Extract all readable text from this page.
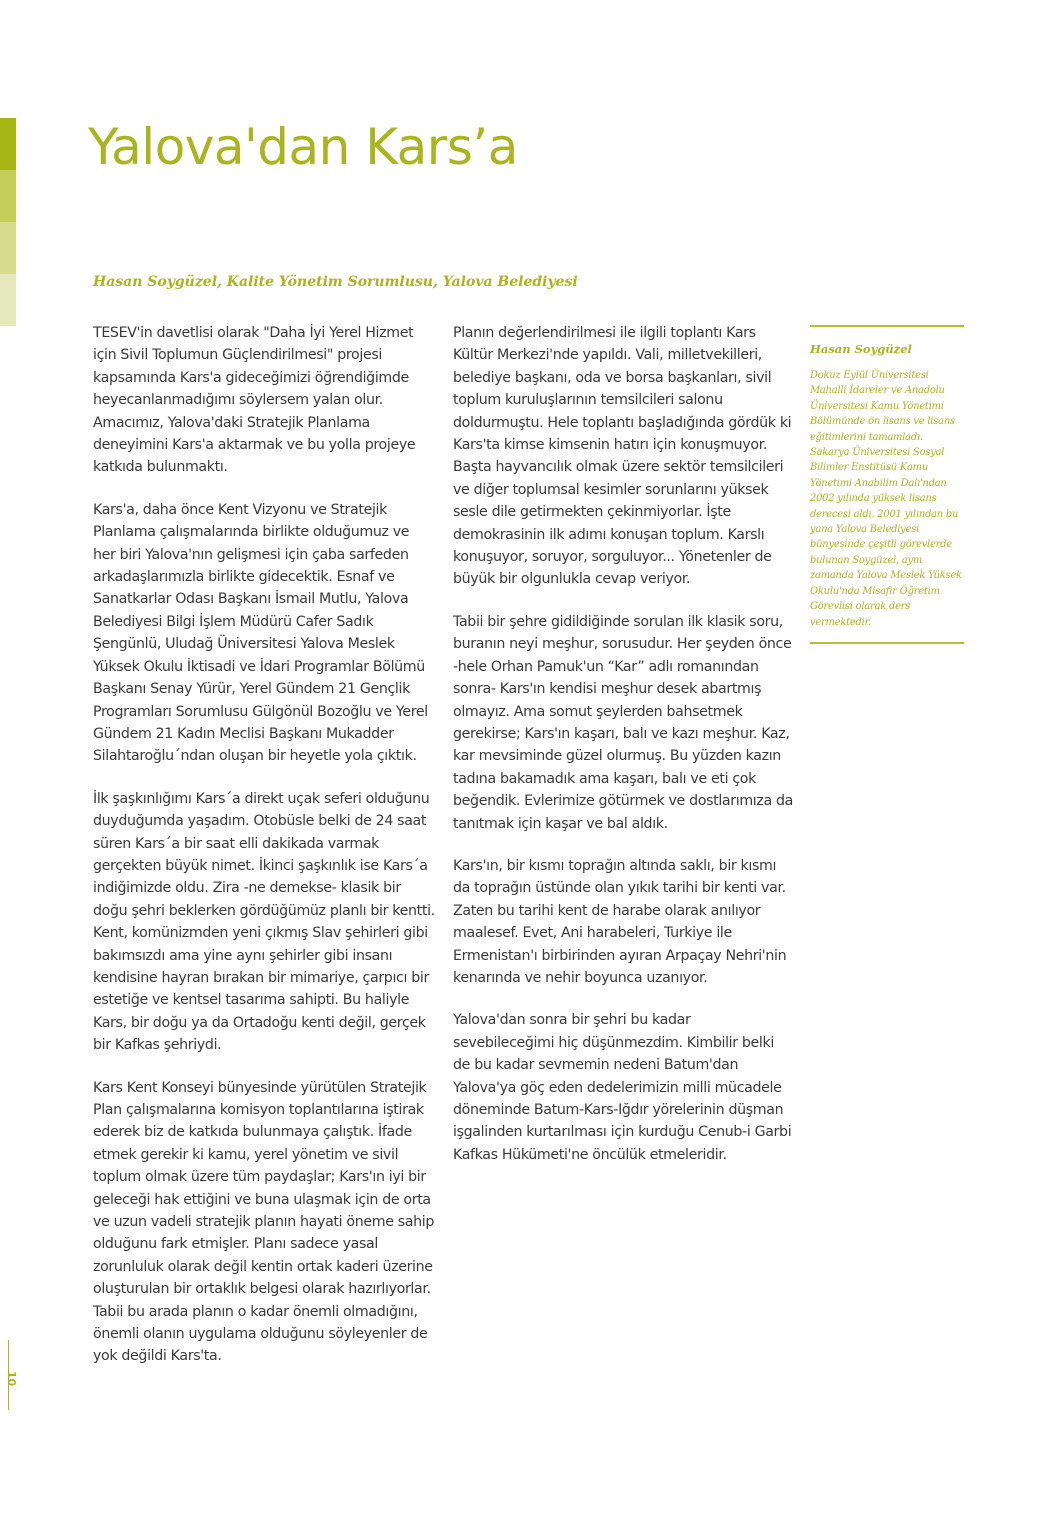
Yalova'dan Kars’a

Hasan Soygüzel, Kalite Yönetim Sorumlusu, Yalova Belediyesi

TESEV'in davetlisi olarak "Daha İyi Yerel Hizmet için Sivil Toplumun Güçlendirilmesi" projesi kapsamında Kars'a gideceğimizi öğrendiğimde heyecanlanmadığımı söylersem yalan olur. Amacımız, Yalova'daki Stratejik Planlama deneyimini Kars'a aktarmak ve bu yolla projeye katkıda bulunmaktı.

Kars'a, daha önce Kent Vizyonu ve Stratejik Planlama çalışmalarında birlikte olduğumuz ve her biri Yalova'nın gelişmesi için çaba sarfeden arkadaşlarımızla birlikte gidecektik. Esnaf ve Sanatkarlar Odası Başkanı İsmail Mutlu, Yalova Belediyesi Bilgi İşlem Müdürü Cafer Sadık Şengünlü, Uludağ Üniversitesi Yalova Meslek Yüksek Okulu İktisadi ve İdari Programlar Bölümü Başkanı Senay Yürür, Yerel Gündem 21 Gençlik Programları Sorumlusu Gülgönül Bozoğlu ve Yerel Gündem 21 Kadın Meclisi Başkanı Mukadder Silahtaroğlu´ndan oluşan bir heyetle yola çıktık.

İlk şaşkınlığımı Kars´a direkt uçak seferi olduğunu duyduğumda yaşadım. Otobüsle belki de 24 saat süren Kars´a bir saat elli dakikada varmak gerçekten büyük nimet. İkinci şaşkınlık ise Kars´a indiğimizde oldu. Zira -ne demekse- klasik bir doğu şehri beklerken gördüğümüz planlı bir kentti. Kent, komünizmden yeni çıkmış Slav şehirleri gibi bakımsızdı ama yine aynı şehirler gibi insanı kendisine hayran bırakan bir mimariye, çarpıcı bir estetiğe ve kentsel tasarıma sahipti. Bu haliyle Kars, bir doğu ya da Ortadoğu kenti değil, gerçek bir Kafkas şehriydi.

Kars Kent Konseyi bünyesinde yürütülen Stratejik Plan çalışmalarına komisyon toplantılarına iştirak ederek biz de katkıda bulunmaya çalıştık. İfade etmek gerekir ki kamu, yerel yönetim ve sivil toplum olmak üzere tüm paydaşlar; Kars'ın iyi bir geleceği hak ettiğini ve buna ulaşmak için de orta ve uzun vadeli stratejik planın hayati öneme sahip olduğunu fark etmişler. Planı sadece yasal zorunluluk olarak değil kentin ortak kaderi üzerine oluşturulan bir ortaklık belgesi olarak hazırlıyorlar. Tabii bu arada planın o kadar önemli olmadığını, önemli olanın uygulama olduğunu söyleyenler de yok değildi Kars'ta.

Planın değerlendirilmesi ile ilgili toplantı Kars Kültür Merkezi'nde yapıldı. Vali, milletvekilleri, belediye başkanı, oda ve borsa başkanları, sivil toplum kuruluşlarının temsilcileri salonu doldurmuştu. Hele toplantı başladığında gördük ki Kars'ta kimse kimsenin hatırı için konuşmuyor. Başta hayvancılık olmak üzere sektör temsilcileri ve diğer toplumsal kesimler sorunlarını yüksek sesle dile getirmekten çekinmiyorlar. İşte demokrasinin ilk adımı konuşan toplum. Karslı konuşuyor, soruyor, sorguluyor... Yönetenler de büyük bir olgunlukla cevap veriyor.

Tabii bir şehre gidildiğinde sorulan ilk klasik soru, buranın neyi meşhur, sorusudur. Her şeyden önce -hele Orhan Pamuk'un “Kar” adlı romanından sonra- Kars'ın kendisi meşhur desek abartmış olmayız. Ama somut şeylerden bahsetmek gerekirse; Kars'ın kaşarı, balı ve kazı meşhur. Kaz, kar mevsiminde güzel olurmuş. Bu yüzden kazın tadına bakamadık ama kaşarı, balı ve eti çok beğendik. Evlerimize götürmek ve dostlarımıza da tanıtmak için kaşar ve bal aldık.

Kars'ın, bir kısmı toprağın altında saklı, bir kısmı da toprağın üstünde olan yıkık tarihi bir kenti var. Zaten bu tarihi kent de harabe olarak anılıyor maalesef. Evet, Ani harabeleri, Turkiye ile Ermenistan'ı birbirinden ayıran Arpaçay Nehri'nin kenarında ve nehir boyunca uzanıyor.

Yalova'dan sonra bir şehri bu kadar sevebileceğimi hiç düşünmezdim. Kimbilir belki de bu kadar sevmemin nedeni Batum'dan Yalova'ya göç eden dedelerimizin milli mücadele döneminde Batum-Kars-Iğdır yörelerinin düşman işgalinden kurtarılması için kurduğu Cenub-i Garbi Kafkas Hükümeti'ne öncülük etmeleridir.

Hasan Soygüzel

Dokuz Eylül Üniversitesi Mahalli İdareler ve Anadolu Üniversitesi Kamu Yönetimi Bölümünde ön lisans ve lisans eğitimlerini tamamladı. Sakarya Üniversitesi Sosyal Bilimler Enstitüsü Kamu Yönetimi Anabilim Dalı'ndan 2002 yılında yüksek lisans derecesi aldı. 2001 yılından bu yana Yalova Belediyesi bünyesinde çeşitli görevlerde bulunan Soygüzel, aynı zamanda Yalova Meslek Yüksek Okulu'nda Misafir Öğretim Görevlisi olarak ders vermektedir.

10
